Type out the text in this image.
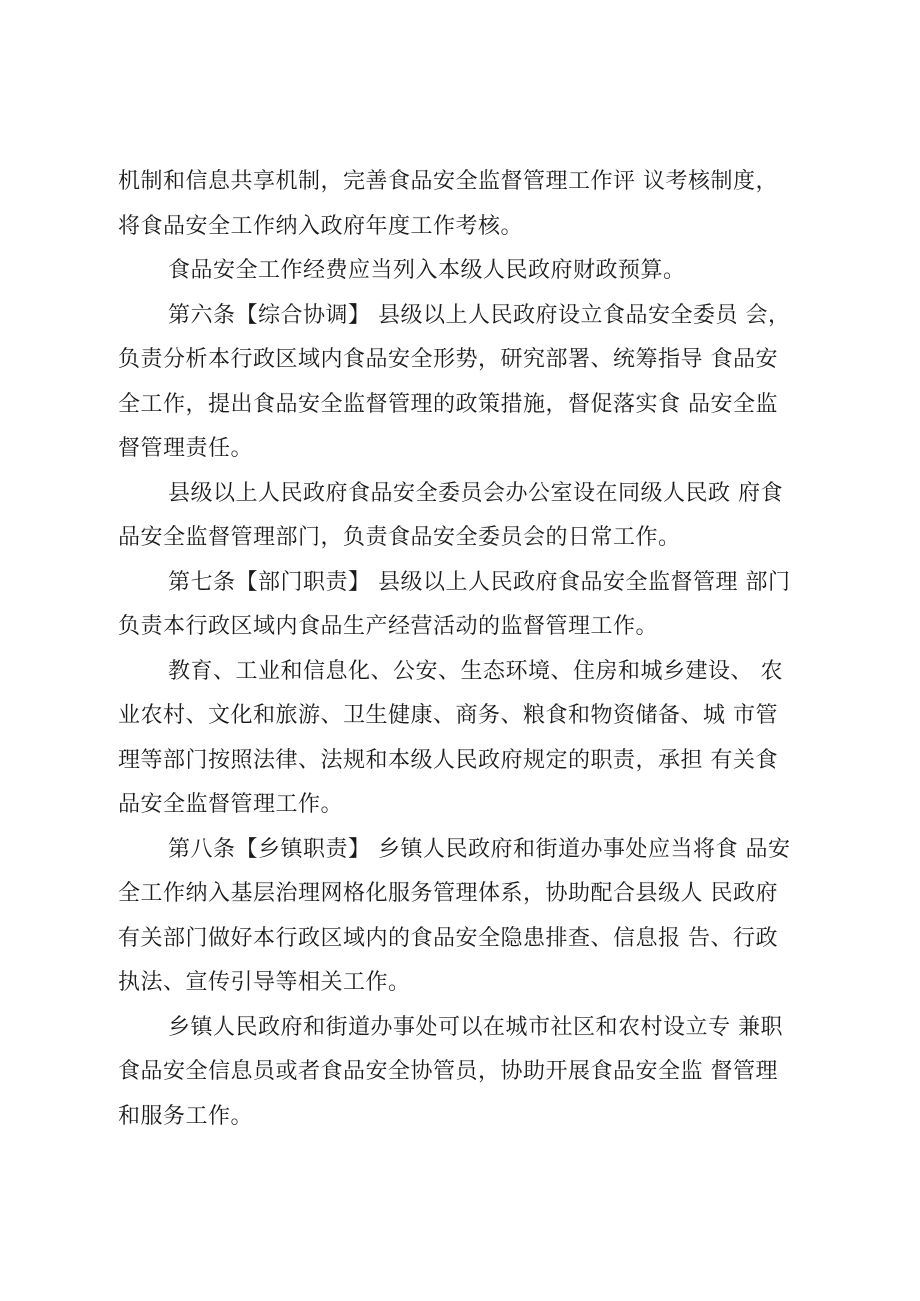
机制和信息共享机制，完善食品安全监督管理工作评 议考核制度，
将食品安全工作纳入政府年度工作考核。
食品安全工作经费应当列入本级人民政府财政预算。
第六条【综合协调】 县级以上人民政府设立食品安全委员 会，
负责分析本行政区域内食品安全形势，研究部署、统筹指导 食品安
全工作，提出食品安全监督管理的政策措施，督促落实食 品安全监
督管理责任。
县级以上人民政府食品安全委员会办公室设在同级人民政 府食
品安全监督管理部门，负责食品安全委员会的日常工作。
第七条【部门职责】 县级以上人民政府食品安全监督管理 部门
负责本行政区域内食品生产经营活动的监督管理工作。
教育、工业和信息化、公安、生态环境、住房和城乡建设、 农
业农村、文化和旅游、卫生健康、商务、粮食和物资储备、城 市管
理等部门按照法律、法规和本级人民政府规定的职责，承担 有关食
品安全监督管理工作。
第八条【乡镇职责】 乡镇人民政府和街道办事处应当将食 品安
全工作纳入基层治理网格化服务管理体系，协助配合县级人 民政府
有关部门做好本行政区域内的食品安全隐患排查、信息报 告、行政
执法、宣传引导等相关工作。
乡镇人民政府和街道办事处可以在城市社区和农村设立专 兼职
食品安全信息员或者食品安全协管员，协助开展食品安全监 督管理
和服务工作。
